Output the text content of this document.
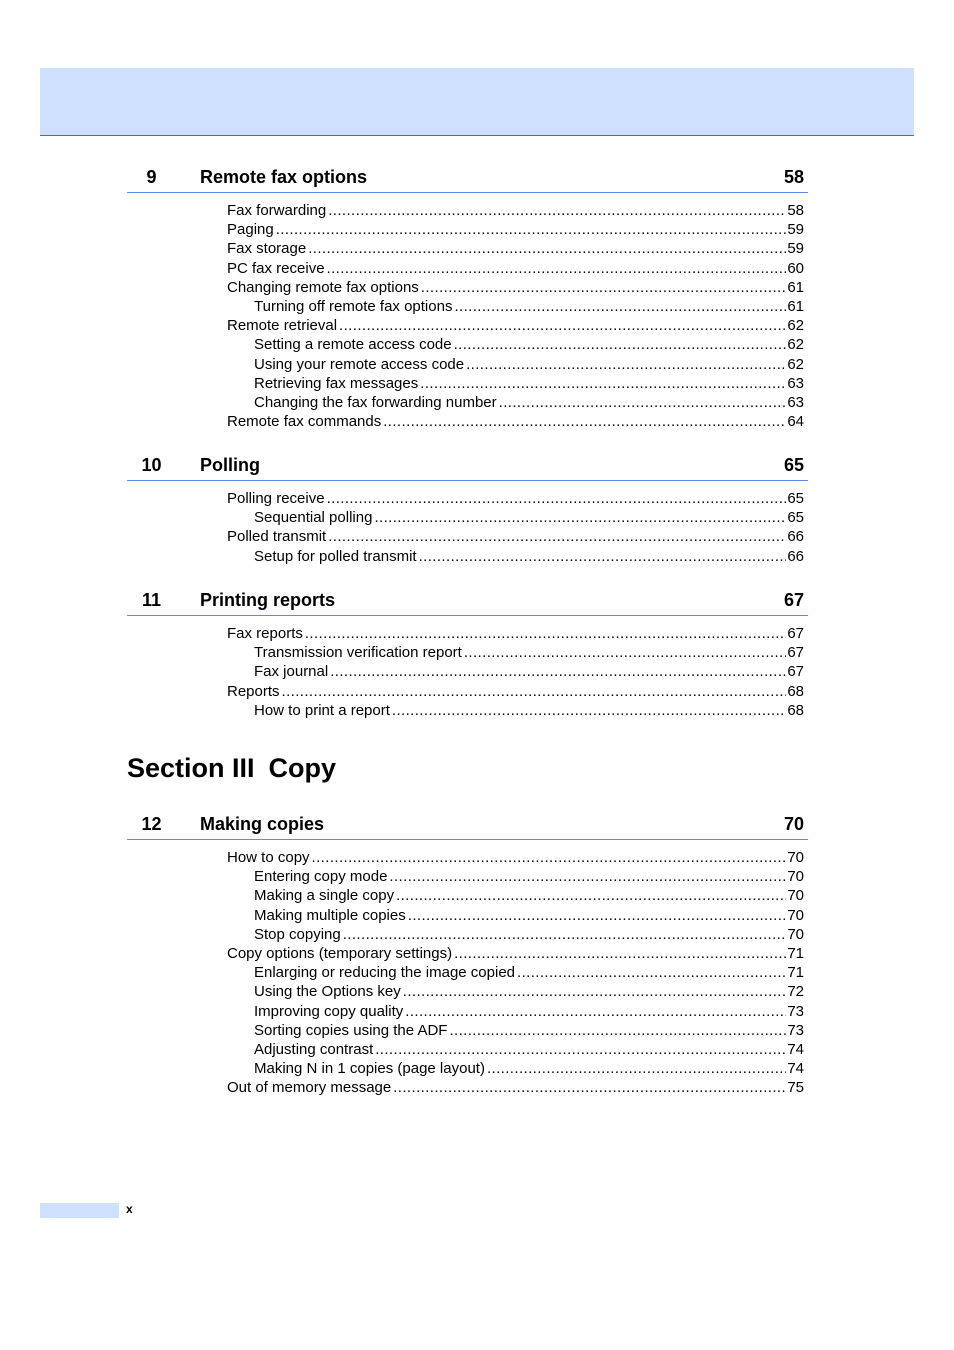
9	Remote fax options	58
Fax forwarding .....	58
Paging .....	59
Fax storage .....	59
PC fax receive .....	60
Changing remote fax options .....	61
Turning off remote fax options .....	61
Remote retrieval .....	62
Setting a remote access code .....	62
Using your remote access code .....	62
Retrieving fax messages .....	63
Changing the fax forwarding number .....	63
Remote fax commands .....	64
10	Polling	65
Polling receive .....	65
Sequential polling .....	65
Polled transmit .....	66
Setup for polled transmit .....	66
11	Printing reports	67
Fax reports .....	67
Transmission verification report .....	67
Fax journal .....	67
Reports .....	68
How to print a report .....	68
Section III Copy
12	Making copies	70
How to copy .....	70
Entering copy mode .....	70
Making a single copy .....	70
Making multiple copies .....	70
Stop copying .....	70
Copy options (temporary settings) .....	71
Enlarging or reducing the image copied .....	71
Using the Options key .....	72
Improving copy quality .....	73
Sorting copies using the ADF .....	73
Adjusting contrast .....	74
Making N in 1 copies (page layout) .....	74
Out of memory message .....	75
x
